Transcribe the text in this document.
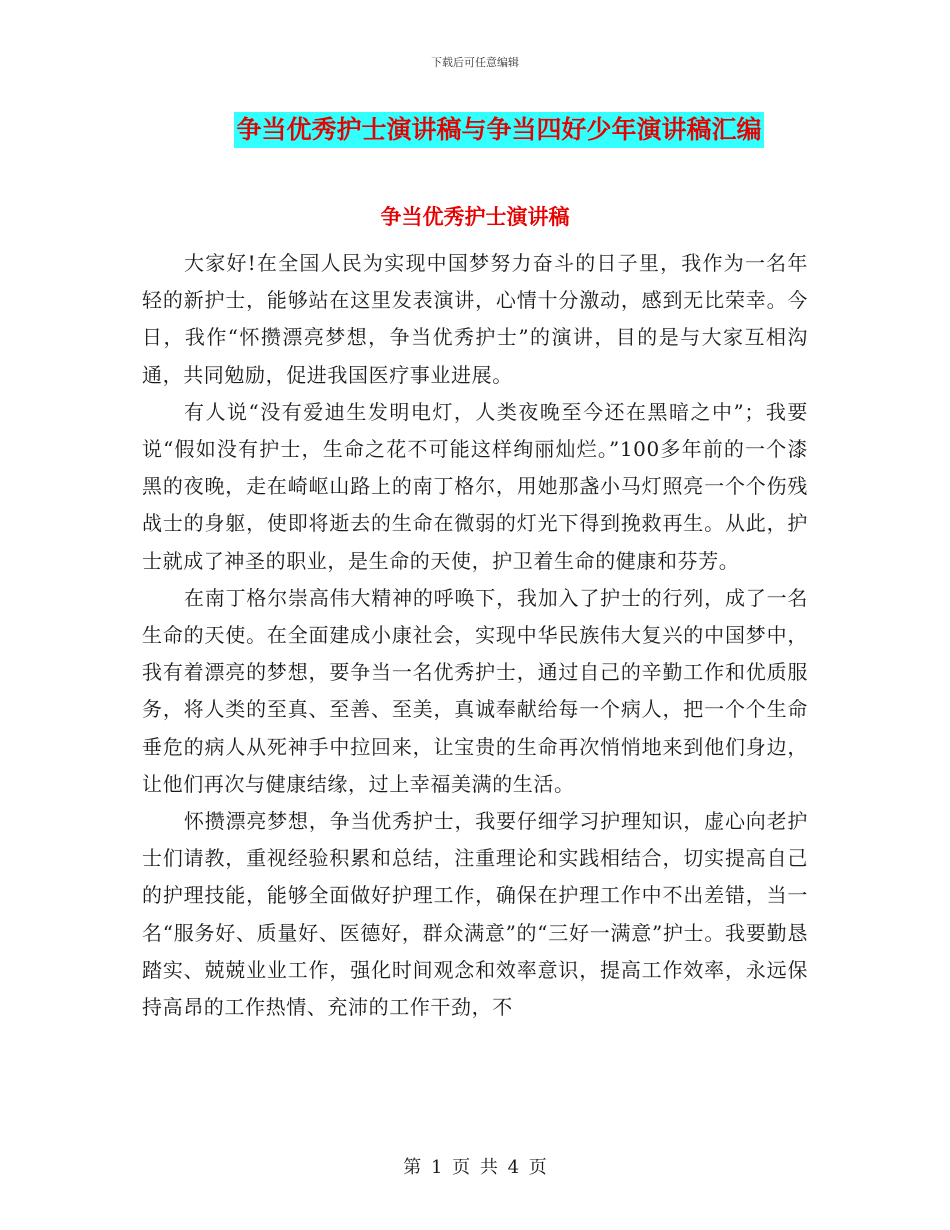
下载后可任意编辑
争当优秀护士演讲稿与争当四好少年演讲稿汇编
争当优秀护士演讲稿

大家好!在全国人民为实现中国梦努力奋斗的日子里，我作为一名年轻的新护士，能够站在这里发表演讲，心情十分激动，感到无比荣幸。今日，我作“怀攒漂亮梦想，争当优秀护士”的演讲，目的是与大家互相沟通，共同勉励，促进我国医疗事业进展。

有人说“没有爱迪生发明电灯，人类夜晚至今还在黑暗之中”；我要说“假如没有护士，生命之花不可能这样绚丽灿烂。”100多年前的一个漆黑的夜晚，走在崎岖山路上的南丁格尔，用她那盏小马灯照亮一个个伤残战士的身躯，使即将逝去的生命在微弱的灯光下得到挽救再生。从此，护士就成了神圣的职业，是生命的天使，护卫着生命的健康和芬芳。

在南丁格尔崇高伟大精神的呼唤下，我加入了护士的行列，成了一名生命的天使。在全面建成小康社会，实现中华民族伟大复兴的中国梦中，我有着漂亮的梦想，要争当一名优秀护士，通过自己的辛勤工作和优质服务，将人类的至真、至善、至美，真诚奉献给每一个病人，把一个个生命垂危的病人从死神手中拉回来，让宝贵的生命再次悄悄地来到他们身边，让他们再次与健康结缘，过上幸福美满的生活。

怀攒漂亮梦想，争当优秀护士，我要仔细学习护理知识，虚心向老护士们请教，重视经验积累和总结，注重理论和实践相结合，切实提高自己的护理技能，能够全面做好护理工作，确保在护理工作中不出差错，当一名“服务好、质量好、医德好，群众满意”的“三好一满意”护士。我要勤恳踏实、兢兢业业工作，强化时间观念和效率意识，提高工作效率，永远保持高昂的工作热情、充沛的工作干劲，不

第 1 页 共 4 页
